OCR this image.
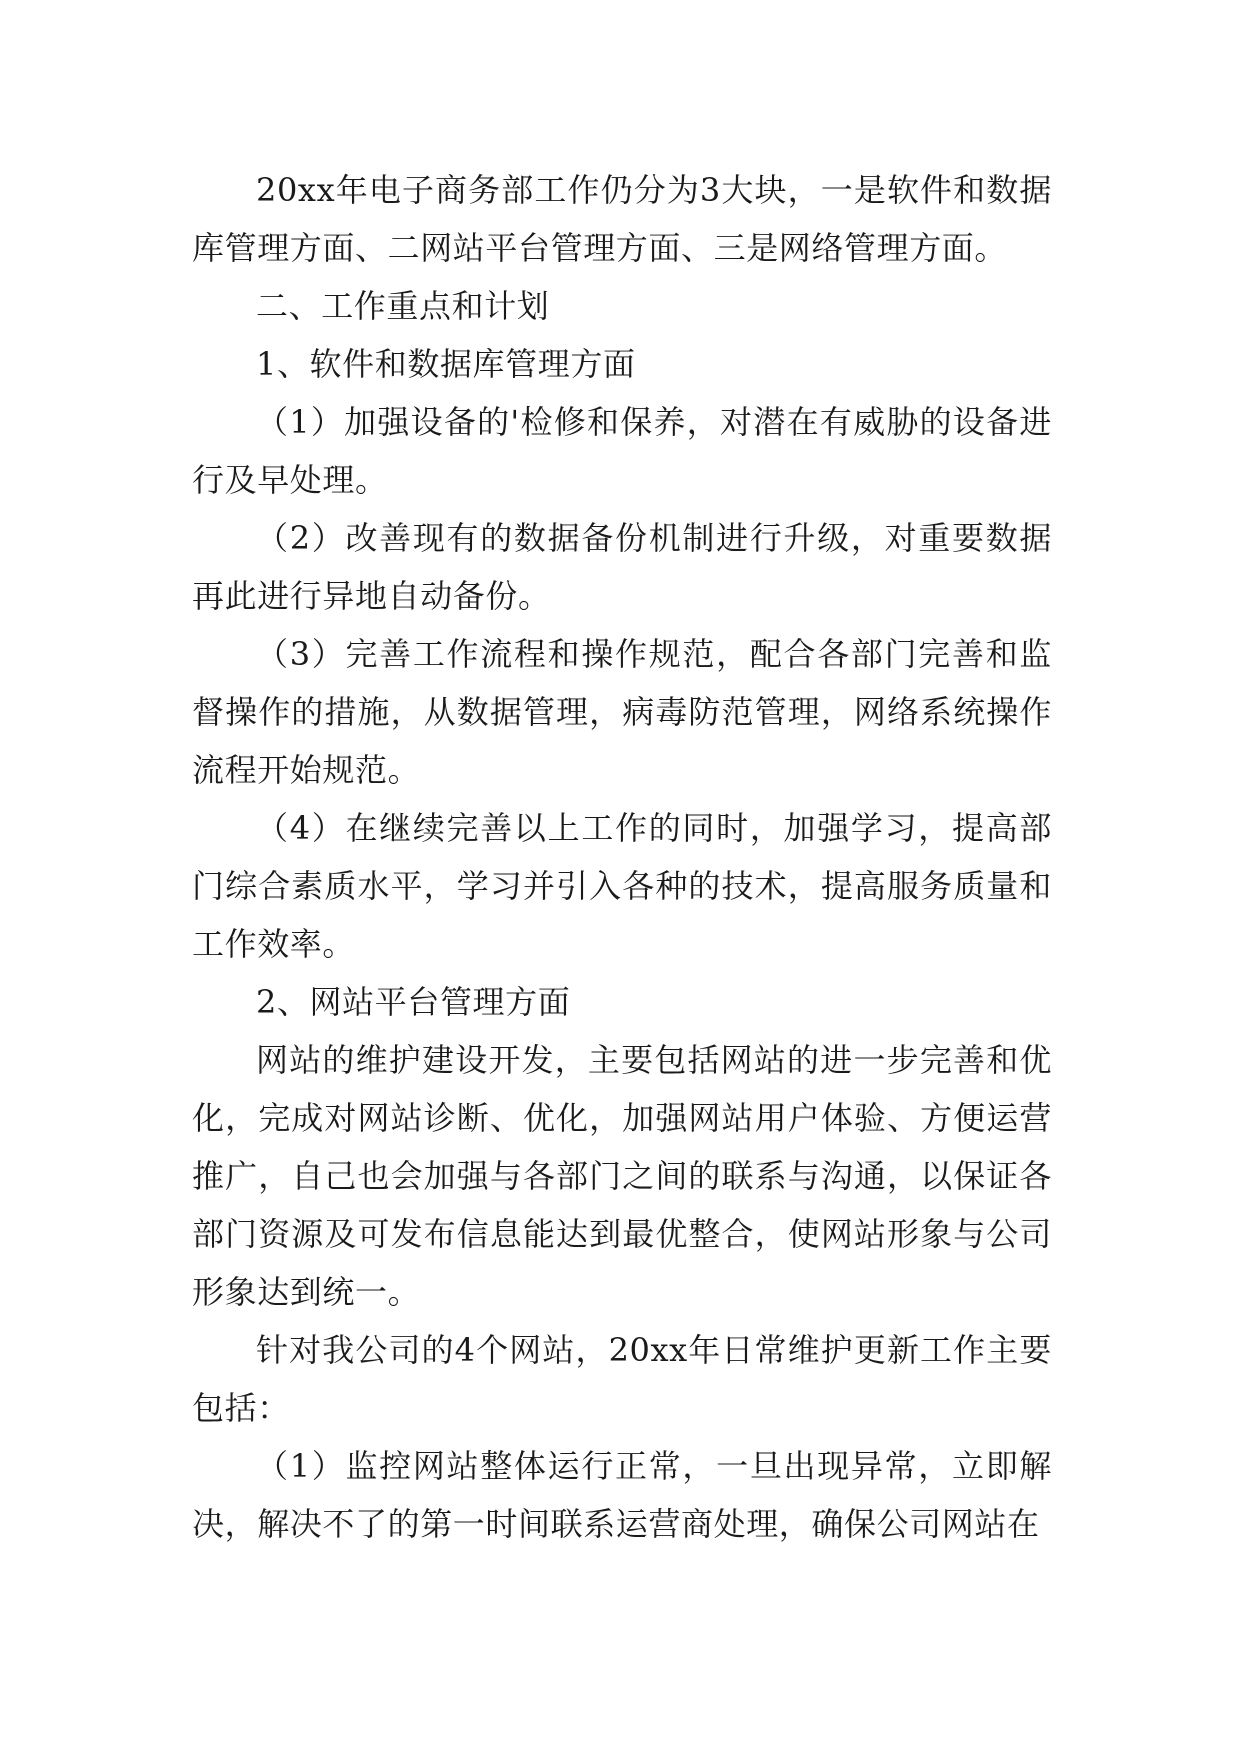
20xx年电子商务部工作仍分为3大块，一是软件和数据库管理方面、二网站平台管理方面、三是网络管理方面。

二、工作重点和计划

1、软件和数据库管理方面

（1）加强设备的'检修和保养，对潜在有威胁的设备进行及早处理。

（2）改善现有的数据备份机制进行升级，对重要数据再此进行异地自动备份。

（3）完善工作流程和操作规范，配合各部门完善和监督操作的措施，从数据管理，病毒防范管理，网络系统操作流程开始规范。

（4）在继续完善以上工作的同时，加强学习，提高部门综合素质水平，学习并引入各种的技术，提高服务质量和工作效率。

2、网站平台管理方面

网站的维护建设开发，主要包括网站的进一步完善和优化，完成对网站诊断、优化，加强网站用户体验、方便运营推广，自己也会加强与各部门之间的联系与沟通，以保证各部门资源及可发布信息能达到最优整合，使网站形象与公司形象达到统一。

针对我公司的4个网站，20xx年日常维护更新工作主要包括：

（1）监控网站整体运行正常，一旦出现异常，立即解决，解决不了的第一时间联系运营商处理，确保公司网站在
